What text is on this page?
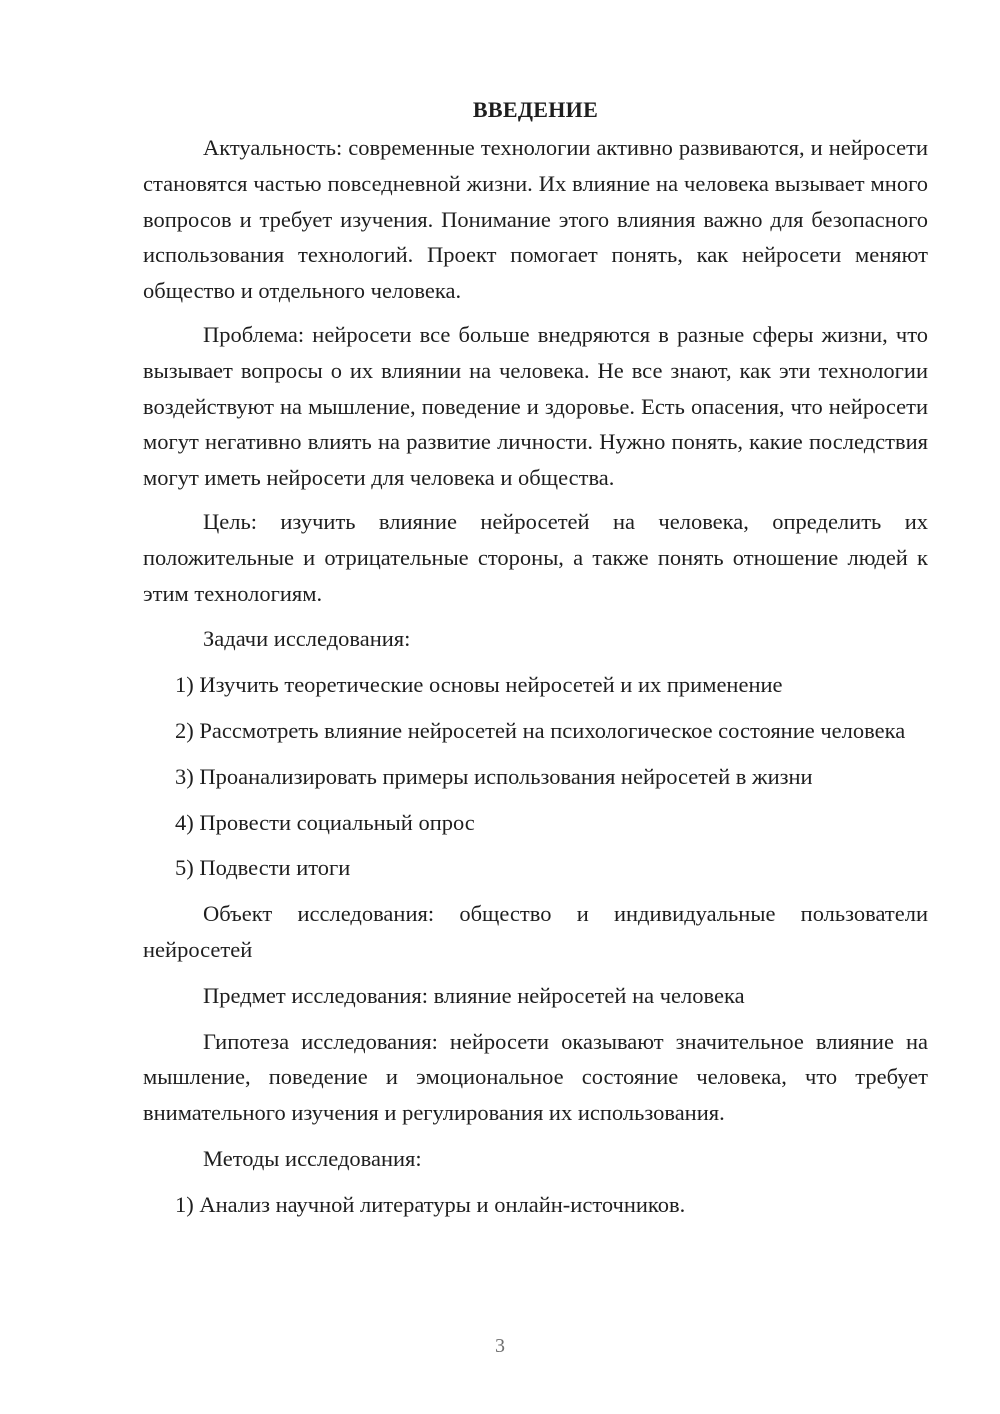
ВВЕДЕНИЕ

Актуальность: современные технологии активно развиваются, и нейросети становятся частью повседневной жизни. Их влияние на человека вызывает много вопросов и требует изучения. Понимание этого влияния важно для безопасного использования технологий. Проект помогает понять, как нейросети меняют общество и отдельного человека.

Проблема: нейросети все больше внедряются в разные сферы жизни, что вызывает вопросы о их влиянии на человека. Не все знают, как эти технологии воздействуют на мышление, поведение и здоровье. Есть опасения, что нейросети могут негативно влиять на развитие личности. Нужно понять, какие последствия могут иметь нейросети для человека и общества.

Цель: изучить влияние нейросетей на человека, определить их положительные и отрицательные стороны, а также понять отношение людей к этим технологиям.

Задачи исследования:

1) Изучить теоретические основы нейросетей и их применение

2) Рассмотреть влияние нейросетей на психологическое состояние человека

3) Проанализировать примеры использования нейросетей в жизни

4) Провести социальный опрос

5) Подвести итоги

Объект исследования: общество и индивидуальные пользователи нейросетей

Предмет исследования: влияние нейросетей на человека

Гипотеза исследования: нейросети оказывают значительное влияние на мышление, поведение и эмоциональное состояние человека, что требует внимательного изучения и регулирования их использования.

Методы исследования:

1) Анализ научной литературы и онлайн-источников.

3
